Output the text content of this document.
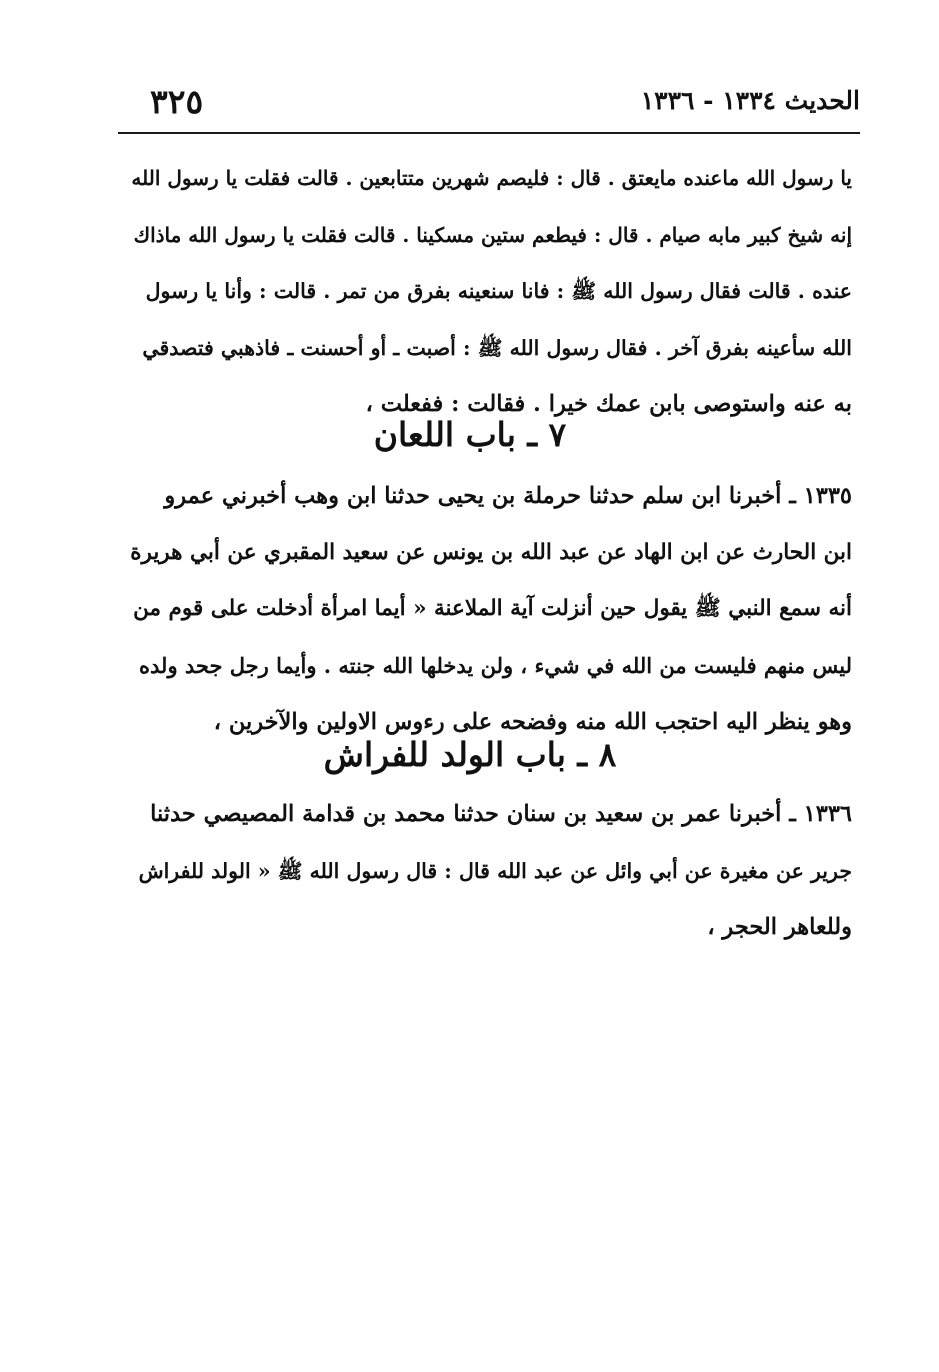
الحديث ١٣٣٤ - ١٣٣٦
٣٢٥
يا رسول الله ماعنده مايعتق . قال : فليصم شهرين متتابعين . قالت فقلت يا رسول الله
إنه شيخ كبير مابه صيام . قال : فيطعم ستين مسكينا . قالت فقلت يا رسول الله ماذاك
عنده . قالت فقال رسول الله ﷺ : فانا سنعينه بفرق من تمر . قالت : وأنا يا رسول
الله سأعينه بفرق آخر . فقال رسول الله ﷺ : أصبت ـ أو أحسنت ـ فاذهبي فتصدقي
به عنه واستوصى بابن عمك خيرا . فقالت : ففعلت ،
٧ ـ باب اللعان
١٣٣٥ ـ أخبرنا ابن سلم حدثنا حرملة بن يحيى حدثنا ابن وهب أخبرني عمرو
ابن الحارث عن ابن الهاد عن عبد الله بن يونس عن سعيد المقبري عن أبي هريرة
أنه سمع النبي ﷺ يقول حين أنزلت آية الملاعنة « أيما امرأة أدخلت على قوم من
ليس منهم فليست من الله في شيء ، ولن يدخلها الله جنته . وأيما رجل جحد ولده
وهو ينظر اليه احتجب الله منه وفضحه على رءوس الاولين والآخرين ،
٨ ـ باب الولد للفراش
١٣٣٦ ـ أخبرنا عمر بن سعيد بن سنان حدثنا محمد بن قدامة المصيصي حدثنا
جرير عن مغيرة عن أبي وائل عن عبد الله قال : قال رسول الله ﷺ « الولد للفراش
وللعاهر الحجر ،
